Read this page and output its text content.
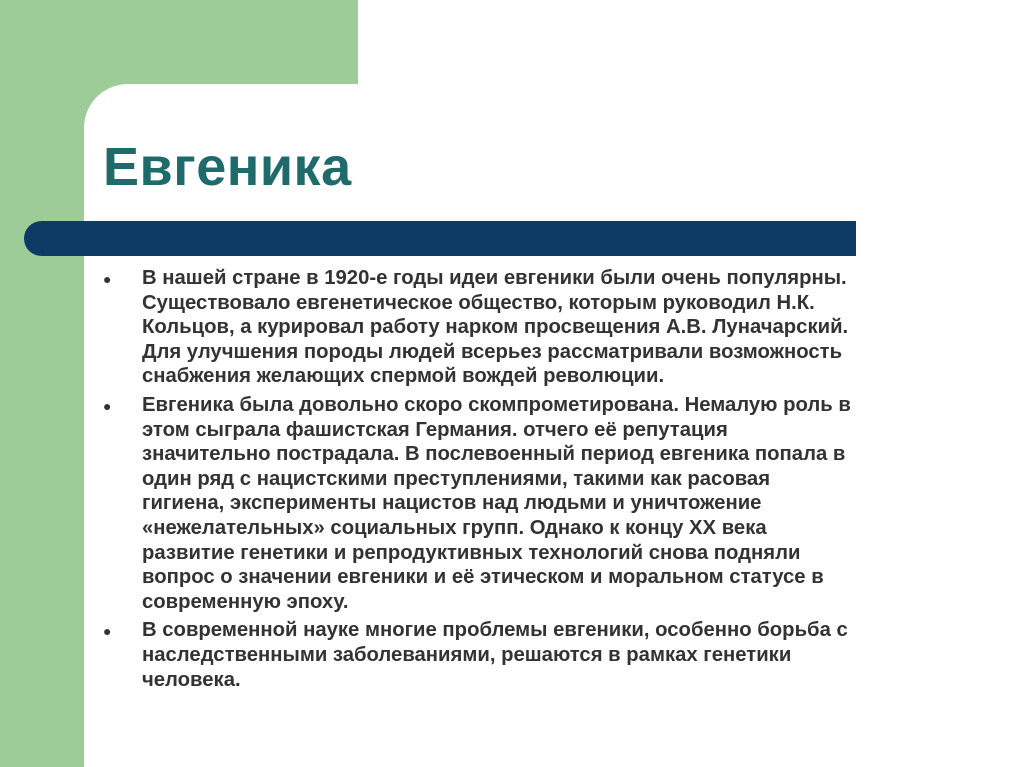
Евгеника
● В нашей стране в 1920-е годы идеи евгеники были очень популярны.
Существовало евгенетическое общество, которым руководил Н.К.
Кольцов, а курировал работу нарком просвещения А.В. Луначарский.
Для улучшения породы людей всерьез рассматривали возможность
снабжения желающих спермой вождей революции.
● Евгеника была довольно скоро скомпрометирована. Немалую роль в
этом сыграла фашистская Германия. отчего её репутация
значительно пострадала. В послевоенный период евгеника попала в
один ряд с нацистскими преступлениями, такими как расовая
гигиена, эксперименты нацистов над людьми и уничтожение
«нежелательных» социальных групп. Однако к концу XX века
развитие генетики и репродуктивных технологий снова подняли
вопрос о значении евгеники и её этическом и моральном статусе в
современную эпоху.
● В современной науке многие проблемы евгеники, особенно борьба с
наследственными заболеваниями, решаются в рамках генетики
человека.
